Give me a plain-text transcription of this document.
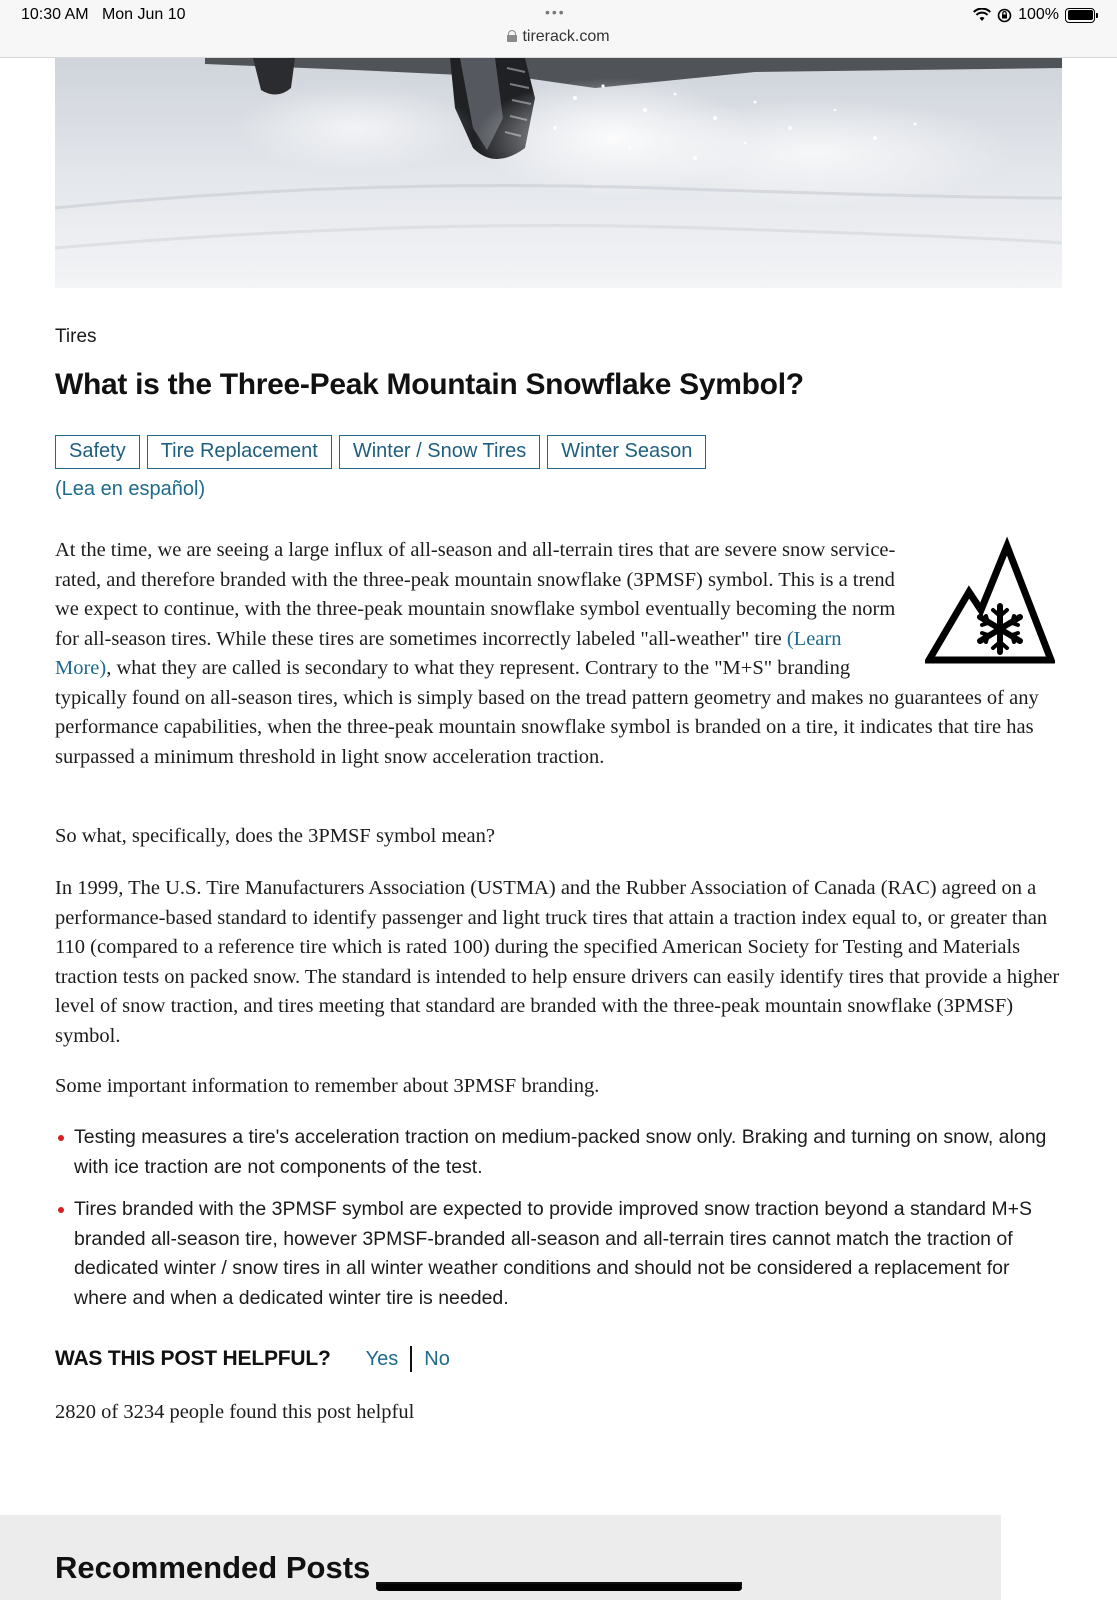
10:30 AM Mon Jun 10	•••
tirerack.com
100%
Tires
What is the Three-Peak Mountain Snowflake Symbol?
Safety	Tire Replacement	Winter / Snow Tires	Winter Season
(Lea en español)
At the time, we are seeing a large influx of all-season and all-terrain tires that are severe snow service-rated, and therefore branded with the three-peak mountain snowflake (3PMSF) symbol. This is a trend we expect to continue, with the three-peak mountain snowflake symbol eventually becoming the norm for all-season tires. While these tires are sometimes incorrectly labeled "all-weather" tire (Learn More), what they are called is secondary to what they represent. Contrary to the "M+S" branding typically found on all-season tires, which is simply based on the tread pattern geometry and makes no guarantees of any performance capabilities, when the three-peak mountain snowflake symbol is branded on a tire, it indicates that tire has surpassed a minimum threshold in light snow acceleration traction.

So what, specifically, does the 3PMSF symbol mean?

In 1999, The U.S. Tire Manufacturers Association (USTMA) and the Rubber Association of Canada (RAC) agreed on a performance-based standard to identify passenger and light truck tires that attain a traction index equal to, or greater than 110 (compared to a reference tire which is rated 100) during the specified American Society for Testing and Materials traction tests on packed snow. The standard is intended to help ensure drivers can easily identify tires that provide a higher level of snow traction, and tires meeting that standard are branded with the three-peak mountain snowflake (3PMSF) symbol.

Some important information to remember about 3PMSF branding.

Testing measures a tire's acceleration traction on medium-packed snow only. Braking and turning on snow, along with ice traction are not components of the test.
Tires branded with the 3PMSF symbol are expected to provide improved snow traction beyond a standard M+S branded all-season tire, however 3PMSF-branded all-season and all-terrain tires cannot match the traction of dedicated winter / snow tires in all winter weather conditions and should not be considered a replacement for where and when a dedicated winter tire is needed.
WAS THIS POST HELPFUL? Yes	No

2820 of 3234 people found this post helpful

Recommended Posts
